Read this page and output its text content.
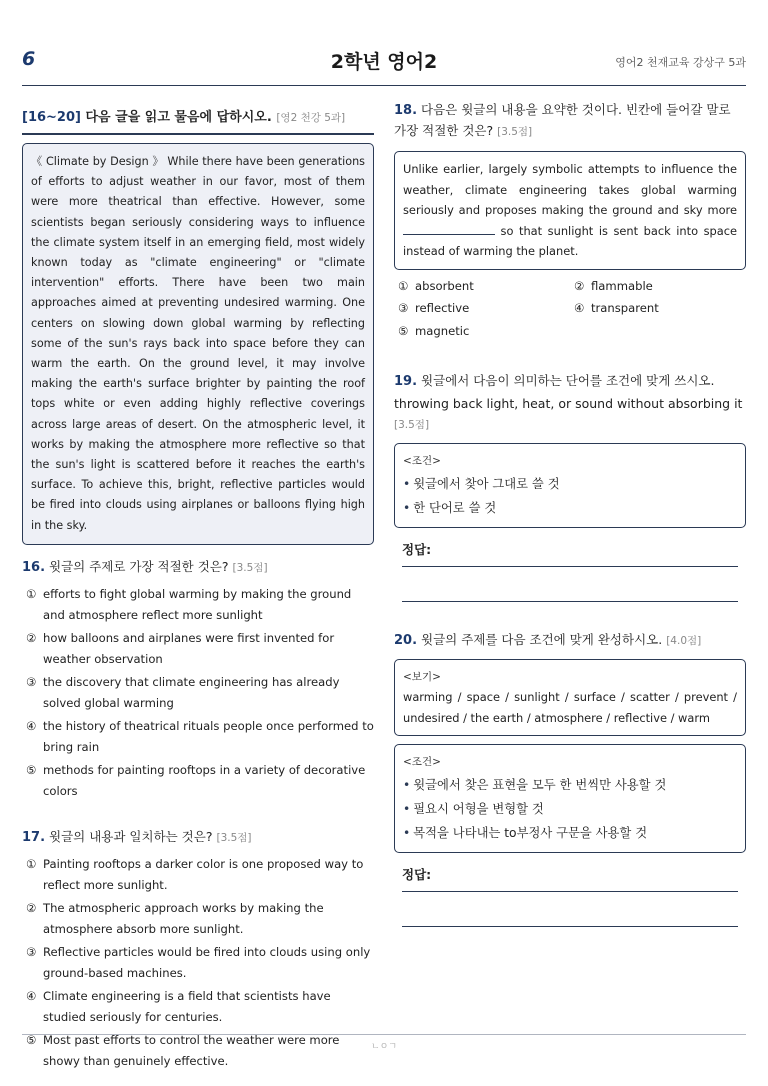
6	2학년 영어2	영어2 천재교육 강상구 5과
[16~20] 다음 글을 읽고 물음에 답하시오. [영2 천강 5과]
《 Climate by Design 》 While there have been generations of efforts to adjust weather in our favor, most of them were more theatrical than effective. However, some scientists began seriously considering ways to influence the climate system itself in an emerging field, most widely known today as "climate engineering" or "climate intervention" efforts. There have been two main approaches aimed at preventing undesired warming. One centers on slowing down global warming by reflecting some of the sun's rays back into space before they can warm the earth. On the ground level, it may involve making the earth's surface brighter by painting the roof tops white or even adding highly reflective coverings across large areas of desert. On the atmospheric level, it works by making the atmosphere more reflective so that the sun's light is scattered before it reaches the earth's surface. To achieve this, bright, reflective particles would be fired into clouds using airplanes or balloons flying high in the sky.
16. 윗글의 주제로 가장 적절한 것은? [3.5점]
① efforts to fight global warming by making the ground and atmosphere reflect more sunlight
② how balloons and airplanes were first invented for weather observation
③ the discovery that climate engineering has already solved global warming
④ the history of theatrical rituals people once performed to bring rain
⑤ methods for painting rooftops in a variety of decorative colors
17. 윗글의 내용과 일치하는 것은? [3.5점]
① Painting rooftops a darker color is one proposed way to reflect more sunlight.
② The atmospheric approach works by making the atmosphere absorb more sunlight.
③ Reflective particles would be fired into clouds using only ground-based machines.
④ Climate engineering is a field that scientists have studied seriously for centuries.
⑤ Most past efforts to control the weather were more showy than genuinely effective.
18. 다음은 윗글의 내용을 요약한 것이다. 빈칸에 들어갈 말로 가장 적절한 것은? [3.5점]
Unlike earlier, largely symbolic attempts to influence the weather, climate engineering takes global warming seriously and proposes making the ground and sky more  so that sunlight is sent back into space instead of warming the planet.
① absorbent	② flammable
③ reflective	④ transparent
⑤ magnetic
19. 윗글에서 다음이 의미하는 단어를 조건에 맞게 쓰시오.
throwing back light, heat, or sound without absorbing it [3.5점]
<조건>
• 윗글에서 찾아 그대로 쓸 것
• 한 단어로 쓸 것
정답:
20. 윗글의 주제를 다음 조건에 맞게 완성하시오. [4.0점]
<보기>
warming / space / sunlight / surface / scatter / prevent / undesired / the earth / atmosphere / reflective / warm
<조건>
• 윗글에서 찾은 표현을 모두 한 번씩만 사용할 것
• 필요시 어형을 변형할 것
• 목적을 나타내는 to부정사 구문을 사용할 것
정답:
ㄴㅇㄱ
